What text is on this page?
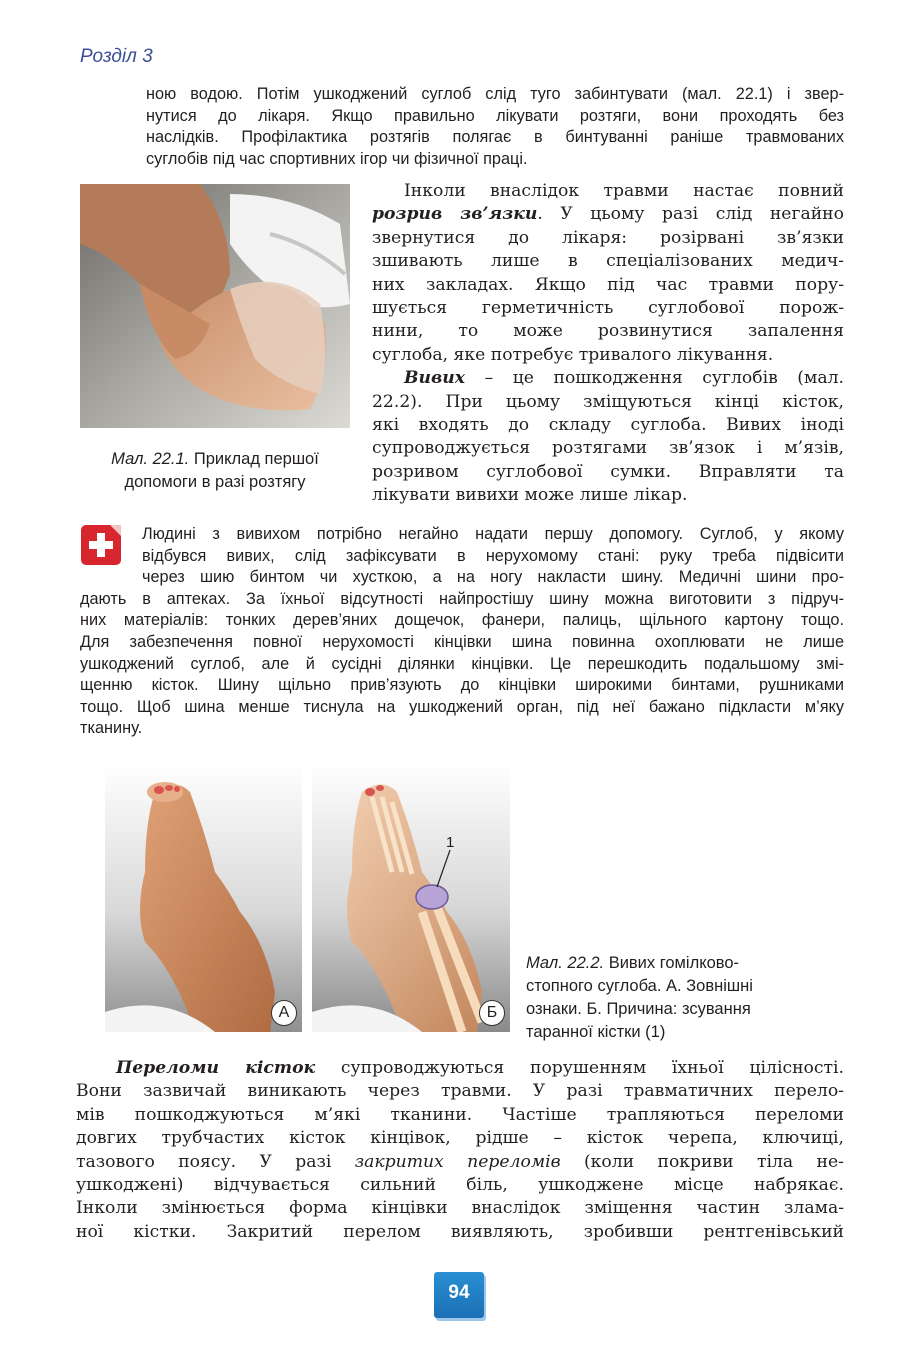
Розділ 3
ною водою. Потім ушкоджений суглоб слід туго забинтувати (мал. 22.1) і звер-
нутися до лікаря. Якщо правильно лікувати розтяги, вони проходять без
наслідків. Профілактика розтягів полягає в бинтуванні раніше травмованих
суглобів під час спортивних ігор чи фізичної праці.
Мал. 22.1. Приклад першої
допомоги в разі розтягу
Інколи внаслідок травми настає повний
розрив зв’язки. У цьому разі слід негайно
звернутися до лікаря: розірвані зв’язки
зшивають лише в спеціалізованих медич-
них закладах. Якщо під час травми пору-
шується герметичність суглобової порож-
нини, то може розвинутися запалення
суглоба, яке потребує тривалого лікування.
Вивих – це пошкодження суглобів (мал.
22.2). При цьому зміщуються кінці кісток,
які входять до складу суглоба. Вивих іноді
супроводжується розтягами зв’язок і м’язів,
розривом суглобової сумки. Вправляти та
лікувати вивихи може лише лікар.
Людині з вивихом потрібно негайно надати першу допомогу. Суглоб, у якому
відбувся вивих, слід зафіксувати в нерухомому стані: руку треба підвісити
через шию бинтом чи хусткою, а на ногу накласти шину. Медичні шини про-
дають в аптеках. За їхньої відсутності найпростішу шину можна виготовити з підруч-
них матеріалів: тонких дерев’яних дощечок, фанери, палиць, щільного картону тощо.
Для забезпечення повної нерухомості кінцівки шина повинна охоплювати не лише
ушкоджений суглоб, але й сусідні ділянки кінцівки. Це перешкодить подальшому змі-
щенню кісток. Шину щільно прив’язують до кінцівки широкими бинтами, рушниками
тощо. Щоб шина менше тиснула на ушкоджений орган, під неї бажано підкласти м’яку
тканину.
А
1
Б
Мал. 22.2. Вивих гомілково-
стопного суглоба. А. Зовнішні
ознаки. Б. Причина: зсування
таранної кістки (1)
Переломи кісток супроводжуються порушенням їхньої цілісності.
Вони зазвичай виникають через травми. У разі травматичних перело-
мів пошкоджуються м’які тканини. Частіше трапляються переломи
довгих трубчастих кісток кінцівок, рідше – кісток черепа, ключиці,
тазового поясу. У разі закритих переломів (коли покриви тіла не-
ушкоджені) відчувається сильний біль, ушкоджене місце набрякає.
Інколи змінюється форма кінцівки внаслідок зміщення частин злама-
ної кістки. Закритий перелом виявляють, зробивши рентгенівський
94
